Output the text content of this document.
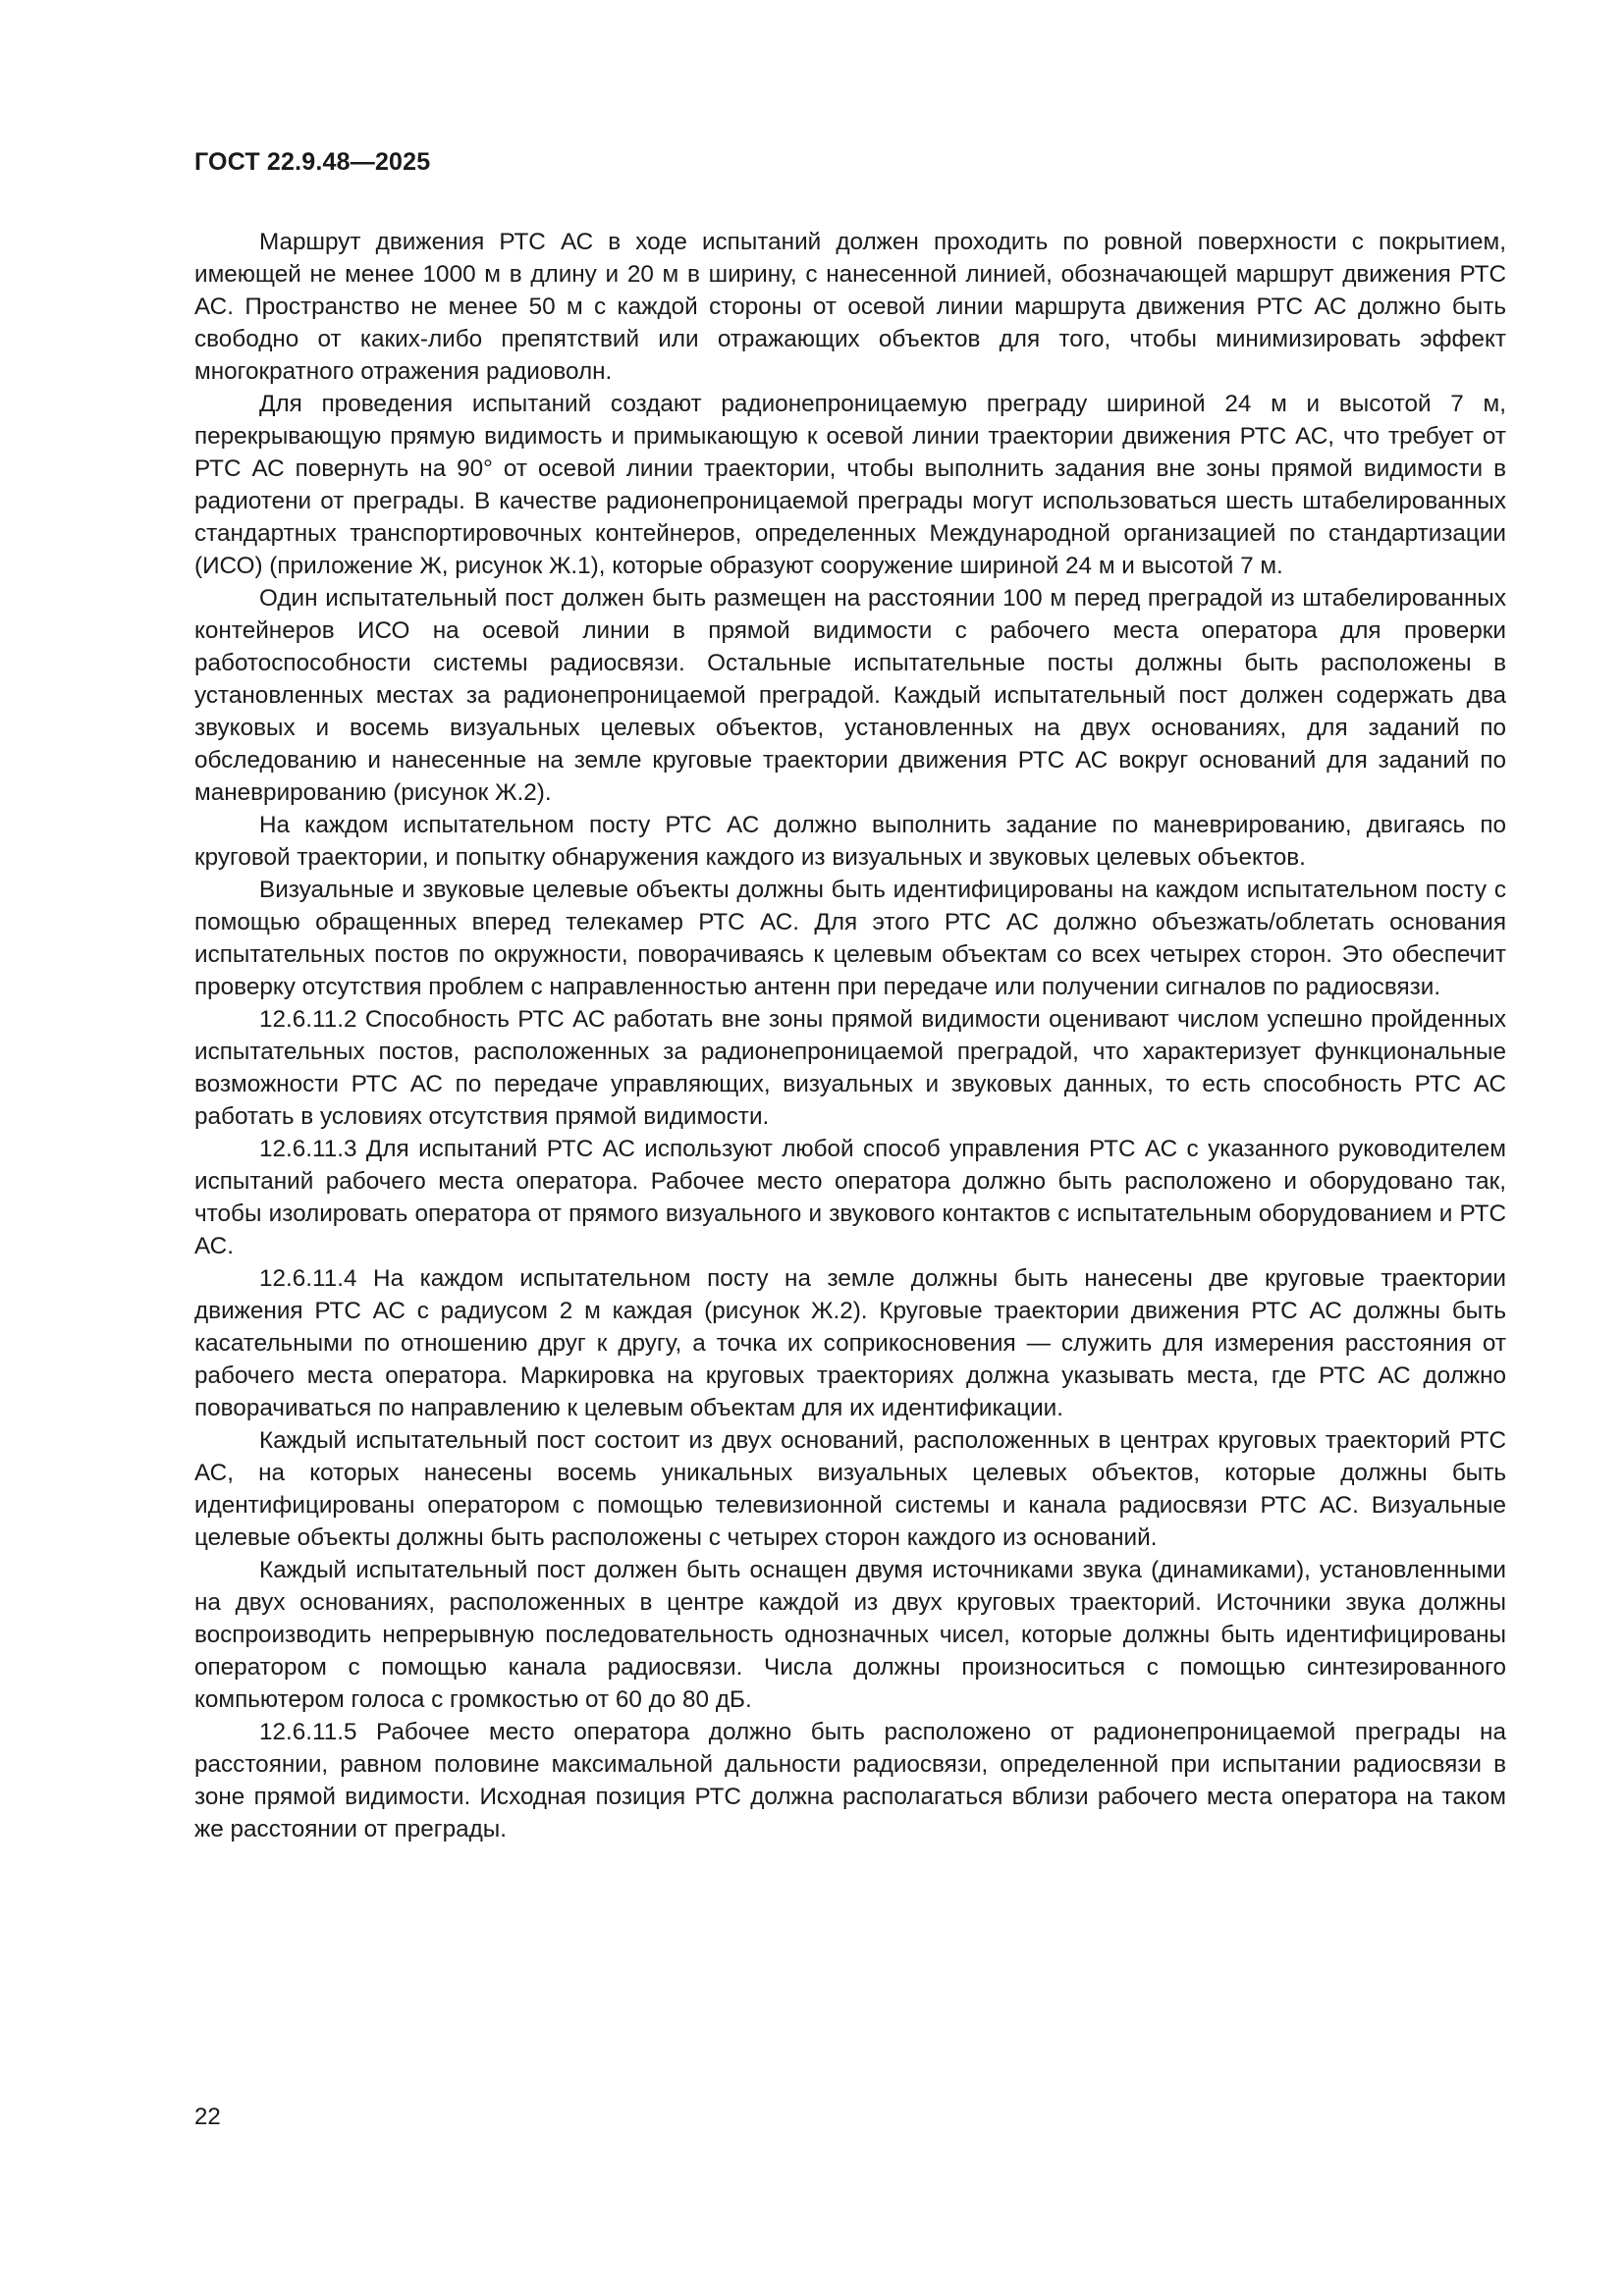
ГОСТ 22.9.48—2025

Маршрут движения РТС АС в ходе испытаний должен проходить по ровной поверхности с покрытием, имеющей не менее 1000 м в длину и 20 м в ширину, с нанесенной линией, обозначающей маршрут движения РТС АС. Пространство не менее 50 м с каждой стороны от осевой линии маршрута движения РТС АС должно быть свободно от каких-либо препятствий или отражающих объектов для того, чтобы минимизировать эффект многократного отражения радиоволн.

Для проведения испытаний создают радионепроницаемую преграду шириной 24 м и высотой 7 м, перекрывающую прямую видимость и примыкающую к осевой линии траектории движения РТС АС, что требует от РТС АС повернуть на 90° от осевой линии траектории, чтобы выполнить задания вне зоны прямой видимости в радиотени от преграды. В качестве радионепроницаемой преграды могут использоваться шесть штабелированных стандартных транспортировочных контейнеров, определенных Международной организацией по стандартизации (ИСО) (приложение Ж, рисунок Ж.1), которые образуют сооружение шириной 24 м и высотой 7 м.

Один испытательный пост должен быть размещен на расстоянии 100 м перед преградой из штабелированных контейнеров ИСО на осевой линии в прямой видимости с рабочего места оператора для проверки работоспособности системы радиосвязи. Остальные испытательные посты должны быть расположены в установленных местах за радионепроницаемой преградой. Каждый испытательный пост должен содержать два звуковых и восемь визуальных целевых объектов, установленных на двух основаниях, для заданий по обследованию и нанесенные на земле круговые траектории движения РТС АС вокруг оснований для заданий по маневрированию (рисунок Ж.2).

На каждом испытательном посту РТС АС должно выполнить задание по маневрированию, двигаясь по круговой траектории, и попытку обнаружения каждого из визуальных и звуковых целевых объектов.

Визуальные и звуковые целевые объекты должны быть идентифицированы на каждом испытательном посту с помощью обращенных вперед телекамер РТС АС. Для этого РТС АС должно объезжать/облетать основания испытательных постов по окружности, поворачиваясь к целевым объектам со всех четырех сторон. Это обеспечит проверку отсутствия проблем с направленностью антенн при передаче или получении сигналов по радиосвязи.

12.6.11.2 Способность РТС АС работать вне зоны прямой видимости оценивают числом успешно пройденных испытательных постов, расположенных за радионепроницаемой преградой, что характеризует функциональные возможности РТС АС по передаче управляющих, визуальных и звуковых данных, то есть способность РТС АС работать в условиях отсутствия прямой видимости.

12.6.11.3 Для испытаний РТС АС используют любой способ управления РТС АС с указанного руководителем испытаний рабочего места оператора. Рабочее место оператора должно быть расположено и оборудовано так, чтобы изолировать оператора от прямого визуального и звукового контактов с испытательным оборудованием и РТС АС.

12.6.11.4 На каждом испытательном посту на земле должны быть нанесены две круговые траектории движения РТС АС с радиусом 2 м каждая (рисунок Ж.2). Круговые траектории движения РТС АС должны быть касательными по отношению друг к другу, а точка их соприкосновения — служить для измерения расстояния от рабочего места оператора. Маркировка на круговых траекториях должна указывать места, где РТС АС должно поворачиваться по направлению к целевым объектам для их идентификации.

Каждый испытательный пост состоит из двух оснований, расположенных в центрах круговых траекторий РТС АС, на которых нанесены восемь уникальных визуальных целевых объектов, которые должны быть идентифицированы оператором с помощью телевизионной системы и канала радиосвязи РТС АС. Визуальные целевые объекты должны быть расположены с четырех сторон каждого из оснований.

Каждый испытательный пост должен быть оснащен двумя источниками звука (динамиками), установленными на двух основаниях, расположенных в центре каждой из двух круговых траекторий. Источники звука должны воспроизводить непрерывную последовательность однозначных чисел, которые должны быть идентифицированы оператором с помощью канала радиосвязи. Числа должны произноситься с помощью синтезированного компьютером голоса с громкостью от 60 до 80 дБ.

12.6.11.5 Рабочее место оператора должно быть расположено от радионепроницаемой преграды на расстоянии, равном половине максимальной дальности радиосвязи, определенной при испытании радиосвязи в зоне прямой видимости. Исходная позиция РТС должна располагаться вблизи рабочего места оператора на таком же расстоянии от преграды.

22
